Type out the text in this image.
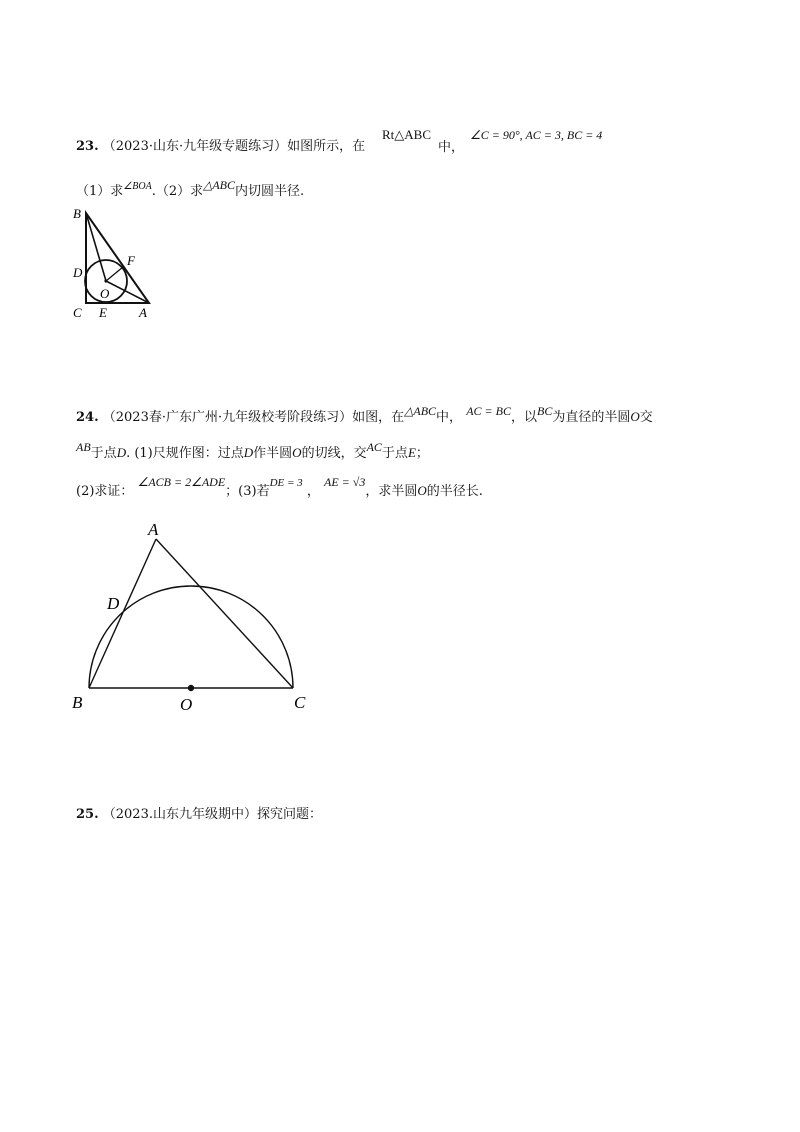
23. （2023·山东·九年级专题练习）如图所示，在
Rt△ABC
中，
∠C = 90°, AC = 3, BC = 4
（1）求$^{\angle BOA}$.（2）求△ABC内切圆半径.
B
D
F
O
C E A
24. （2023春·广东广州·九年级校考阶段练习）如图，在△ABC中， AC = BC，以BC为直径的半圆O交
AB于点D. (1)尺规作图：过点D作半圆O的切线，交AC于点E；
(2)求证： ∠ACB = 2∠ADE；(3)若$^{DE = 3}$ ， AE = √3，求半圆O的半径长.
A
D
B	O	C
25. （2023.山东九年级期中）探究问题：
